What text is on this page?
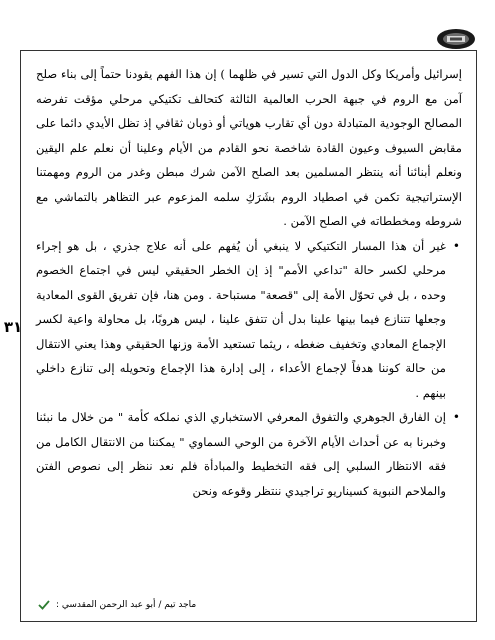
٣١

إسرائيل وأمريكا وكل الدول التي تسير في ظلهما ) إن هذا الفهم يقودنا حتماً إلى بناء صلح آمن مع الروم في جبهة الحرب العالمية الثالثة كتحالف تكتيكي مرحلي مؤقت تفرضه المصالح الوجودية المتبادلة دون أي تقارب هوياتي أو ذوبان ثقافي إذ تظل الأيدي دائما على مقابض السيوف وعيون القادة شاخصة نحو القادم من الأيام وعلينا أن نعلم علم اليقين ونعلم أبنائنا أنه ينتظر المسلمين بعد الصلح الآمن شرك مبطن وغدر من الروم ومهمتنا الإستراتيجية تكمن في اصطياد الروم بشَرَكِ سلمه المزعوم عبر التظاهر بالتماشي مع شروطه ومخططاته في الصلح الآمن .

•
غير أن هذا المسار التكتيكي لا ينبغي أن يُفهم على أنه علاج جذري ، بل هو إجراء مرحلي لكسر حالة "تداعي الأمم" إذ إن الخطر الحقيقي ليس في اجتماع الخصوم وحده ، بل في تحوّل الأمة إلى "قصعة" مستباحة . ومن هنا، فإن تفريق القوى المعادية وجعلها تتنازع فيما بينها علينا بدل أن تتفق علينا ، ليس هروبًا، بل محاولة واعية لكسر الإجماع المعادي وتخفيف ضغطه ، ريثما تستعيد الأمة وزنها الحقيقي وهذا يعني الانتقال من حالة كوننا هدفاً لإجماع الأعداء ، إلى إدارة هذا الإجماع وتحويله إلى تنازع داخلي بينهم .
•
إن الفارق الجوهري والتفوق المعرفي الاستخباري الذي نملكه كأمة " من خلال ما نبئنا وخبرنا به عن أحداث الأيام الآخرة من الوحي السماوي " يمكننا من الانتقال الكامل من فقه الانتظار السلبي إلى فقه التخطيط والمبادأة فلم نعد ننظر إلى نصوص الفتن والملاحم النبوية كسيناريو تراجيدي ننتظر وقوعه ونحن
ماجد تيم / أبو عبد الرحمن المقدسي :
